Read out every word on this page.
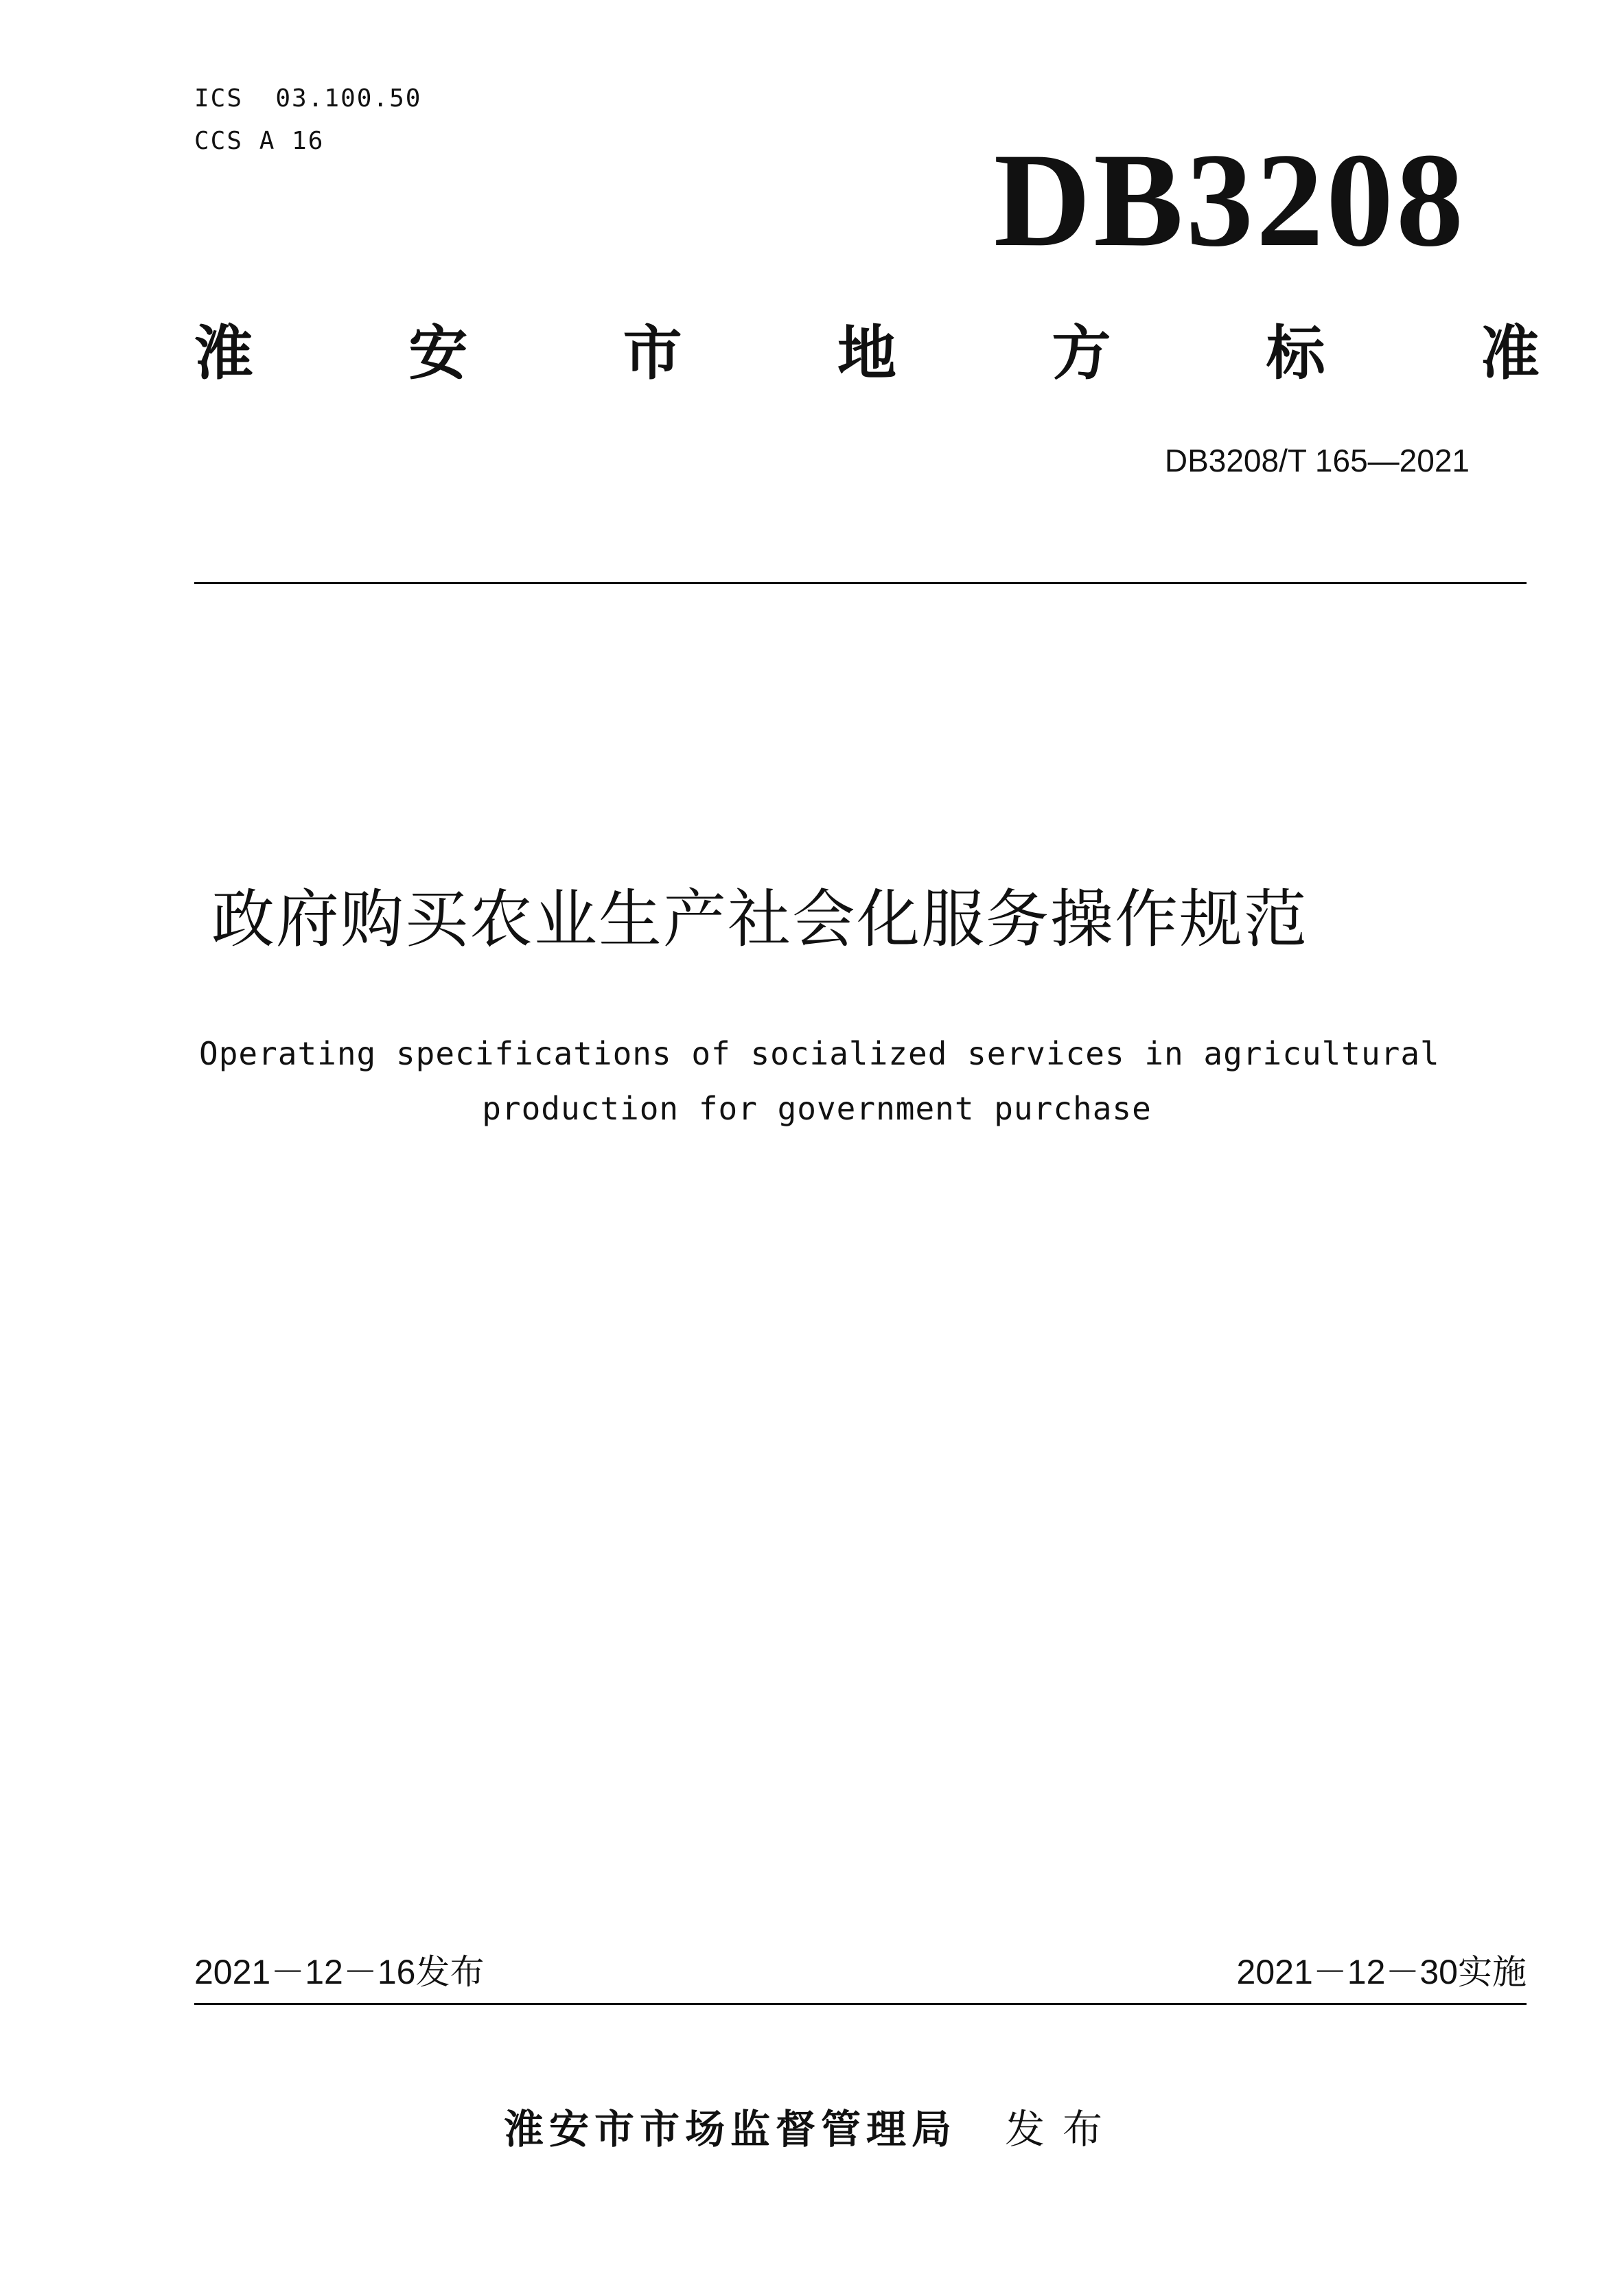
ICS  03.100.50
CCS A 16	DB3208
淮	安	市	地	方	标	准
DB3208/T 165—2021
政府购买农业生产社会化服务操作规范
Operating specifications of socialized services in agricultural
production for government purchase
2021－12－16发布	2021－12－30实施
淮安市市场监督管理局 发布
